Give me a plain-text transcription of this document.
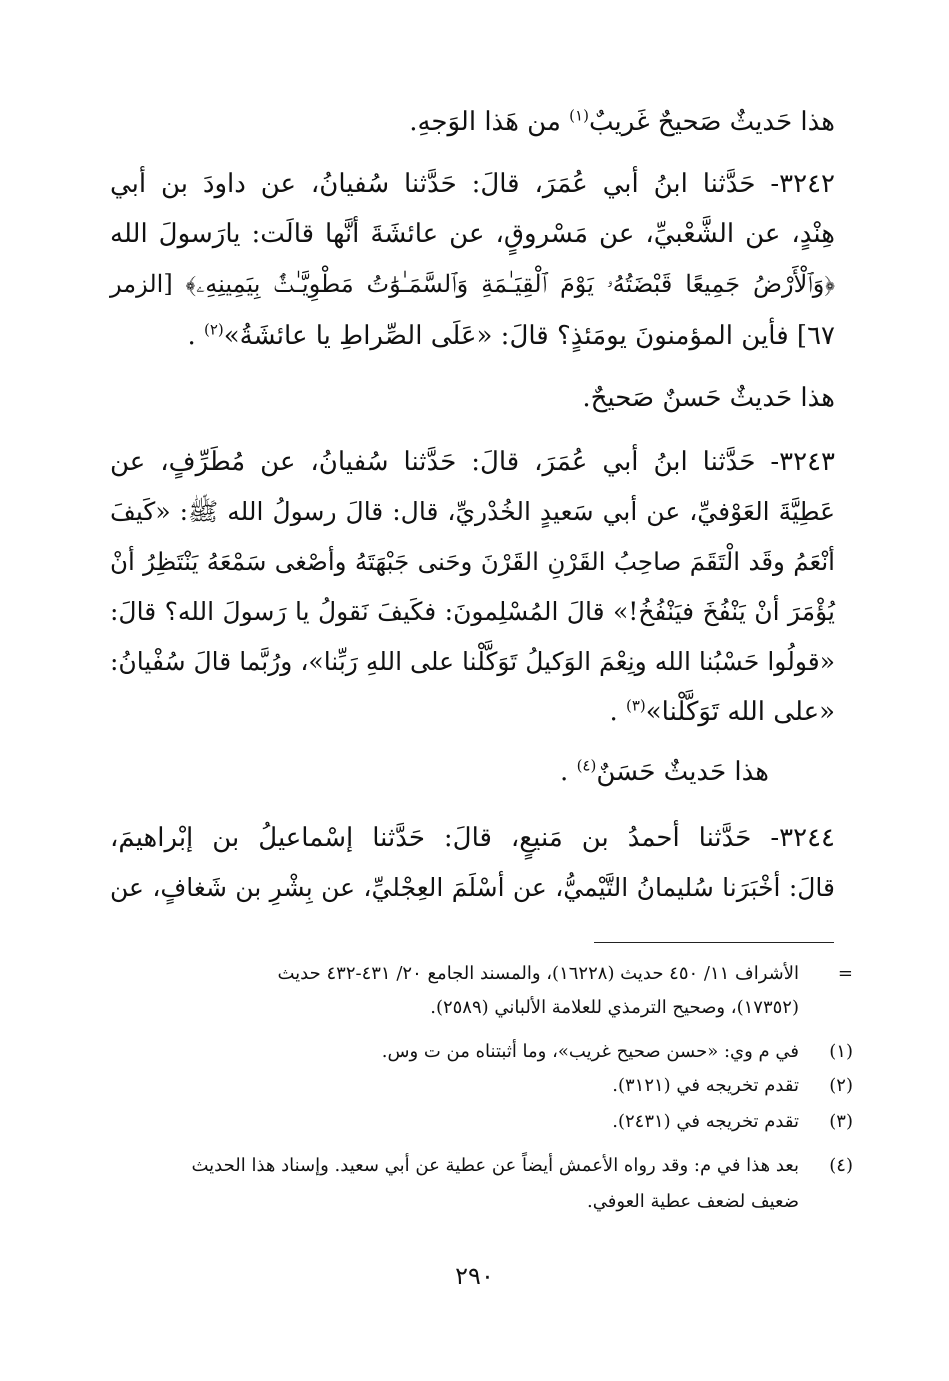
هذا حَديثٌ صَحيحٌ غَريبٌ$^{(١)}$ من هَذا الوَجهِ.
٣٢٤٢- حَدَّثنا ابنُ أبي عُمَرَ، قالَ: حَدَّثنا سُفيانُ، عن داودَ بن أبي
هِنْدٍ، عن الشَّعْبيِّ، عن مَسْروقٍ، عن عائشَةَ أنَّها قالَت: يارَسولَ الله
﴿وَٱلْأَرْضُ جَمِيعًا قَبْضَتُهُۥ يَوْمَ ٱلْقِيَـٰمَةِ وَٱلسَّمَـٰوَٰتُ مَطْوِيَّـٰتٌۢ بِيَمِينِهِۦ﴾ [الزمر
٦٧] فأين المؤمنونَ يومَئذٍ؟ قالَ: «عَلَى الصِّراطِ يا عائشَةُ»$^{(٢)}$ .
هذا حَديثٌ حَسنٌ صَحيحٌ.
٣٢٤٣- حَدَّثنا ابنُ أبي عُمَرَ، قالَ: حَدَّثنا سُفيانُ، عن مُطَرِّفٍ، عن
عَطِيَّةَ العَوْفيِّ، عن أبي سَعيدٍ الخُدْريِّ، قال: قالَ رسولُ الله ﷺ: «كَيفَ
أنْعَمُ وقَد الْتَقَمَ صاحِبُ القَرْنِ القَرْنَ وحَنى جَبْهَتَهُ وأصْغى سَمْعَهُ يَنْتَظِرُ أنْ
يُؤْمَرَ أنْ يَنْفُخَ فيَنْفُخُ!» قالَ المُسْلِمونَ: فكَيفَ نَقولُ يا رَسولَ الله؟ قالَ:
«قولُوا حَسْبُنا الله ونِعْمَ الوَكيلُ تَوَكَّلْنا على اللهِ رَبِّنا»، ورُبَّما قالَ سُفْيانُ:
«على الله تَوَكَّلْنا»$^{(٣)}$ .
هذا حَديثٌ حَسَنٌ$^{(٤)}$ .
٣٢٤٤- حَدَّثنا أحمدُ بن مَنيعٍ، قالَ: حَدَّثنا إسْماعيلُ بن إبْراهيمَ،
قالَ: أخْبَرَنا سُليمانُ التَّيْميُّ، عن أسْلَمَ العِجْليِّ، عن بِشْرِ بن شَغافٍ، عن
=
الأشراف ١١/ ٤٥٠ حديث (١٦٢٢٨)، والمسند الجامع ٢٠/ ٤٣١-٤٣٢ حديث
(١٧٣٥٢)، وصحيح الترمذي للعلامة الألباني (٢٥٨٩).
(١)
في م وي: «حسن صحيح غريب»، وما أثبتناه من ت وس.
(٢)
تقدم تخريجه في (٣١٢١).
(٣)
تقدم تخريجه في (٢٤٣١).
(٤)
بعد هذا في م: وقد رواه الأعمش أيضاً عن عطية عن أبي سعيد. وإسناد هذا الحديث
ضعيف لضعف عطية العوفي.
٢٩٠
